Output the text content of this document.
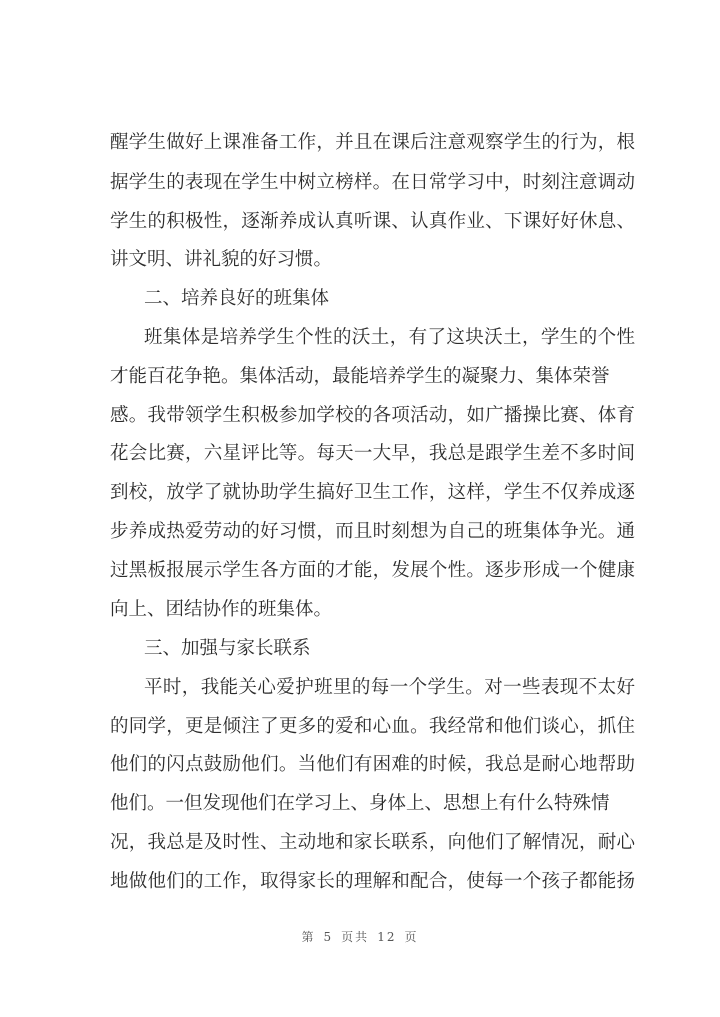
醒学生做好上课准备工作，并且在课后注意观察学生的行为，根
据学生的表现在学生中树立榜样。在日常学习中，时刻注意调动
学生的积极性，逐渐养成认真听课、认真作业、下课好好休息、
讲文明、讲礼貌的好习惯。
二、培养良好的班集体
班集体是培养学生个性的沃土，有了这块沃土，学生的个性
才能百花争艳。集体活动，最能培养学生的凝聚力、集体荣誉
感。我带领学生积极参加学校的各项活动，如广播操比赛、体育
花会比赛，六星评比等。每天一大早，我总是跟学生差不多时间
到校，放学了就协助学生搞好卫生工作，这样，学生不仅养成逐
步养成热爱劳动的好习惯，而且时刻想为自己的班集体争光。通
过黑板报展示学生各方面的才能，发展个性。逐步形成一个健康
向上、团结协作的班集体。
三、加强与家长联系
平时，我能关心爱护班里的每一个学生。对一些表现不太好
的同学，更是倾注了更多的爱和心血。我经常和他们谈心，抓住
他们的闪点鼓励他们。当他们有困难的时候，我总是耐心地帮助
他们。一但发现他们在学习上、身体上、思想上有什么特殊情
况，我总是及时性、主动地和家长联系，向他们了解情况，耐心
地做他们的工作，取得家长的理解和配合，使每一个孩子都能扬
第 5 页共 12 页
